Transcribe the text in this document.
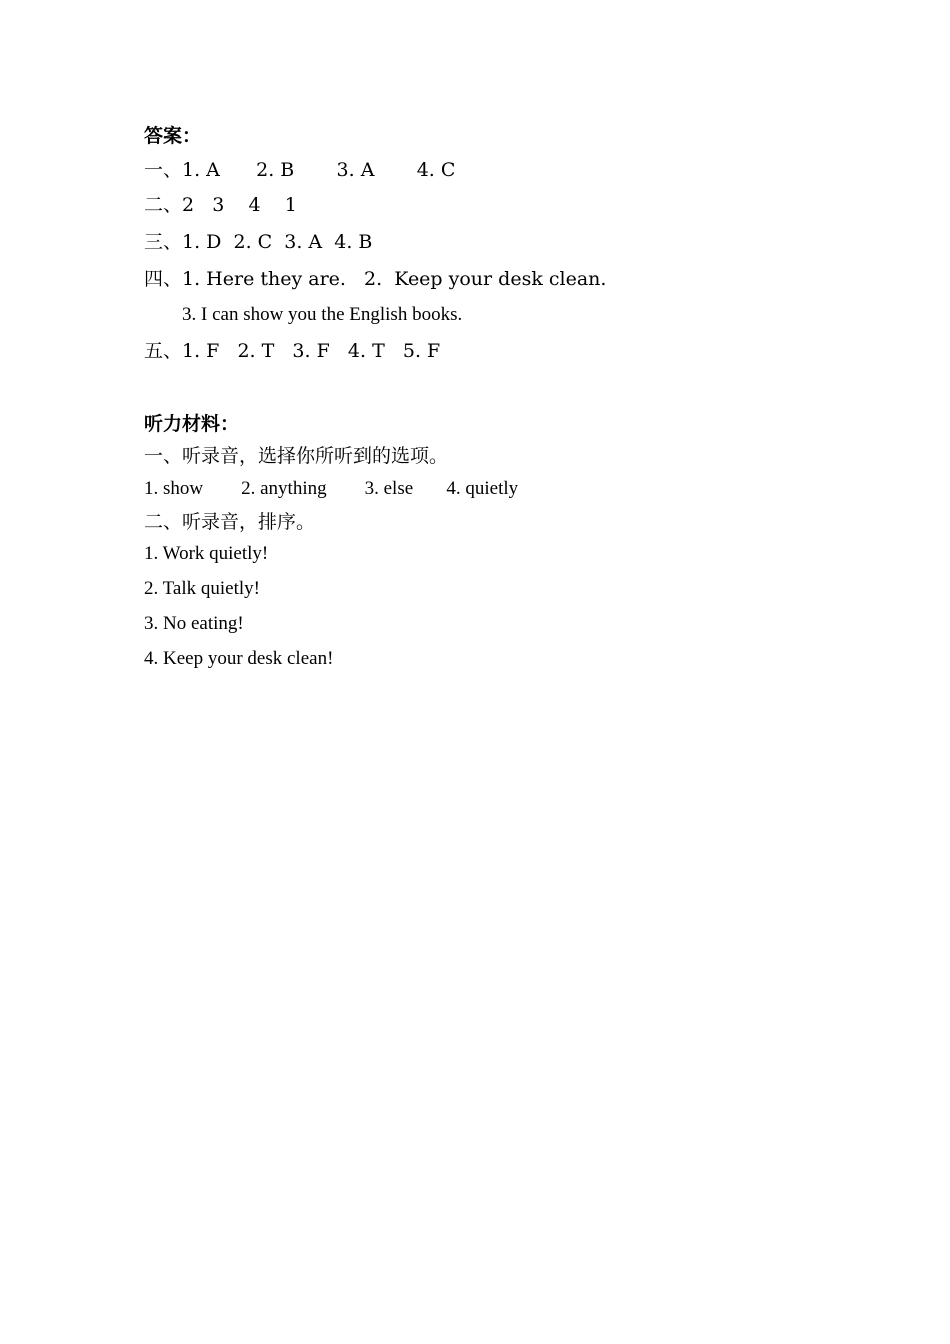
答案：

一、1. A      2. B       3. A       4. C

二、2   3    4    1

三、1. D  2. C  3. A  4. B

四、1. Here they are.   2.  Keep your desk clean.

3. I can show you the English books.

五、1. F   2. T   3. F   4. T   5. F

听力材料：

一、听录音，选择你所听到的选项。

1. show        2. anything        3. else       4. quietly

二、听录音，排序。

1. Work quietly!

2. Talk quietly!

3. No eating!

4. Keep your desk clean!
